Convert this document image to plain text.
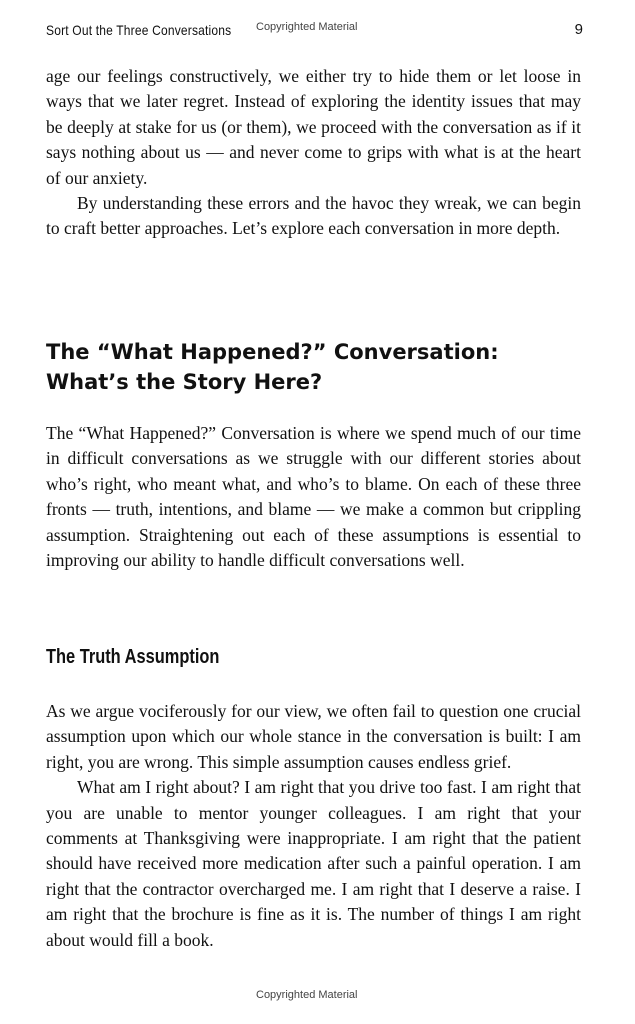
Sort Out the Three Conversations Copyrighted Material	9

age our feelings constructively, we either try to hide them or let loose in ways that we later regret. Instead of exploring the identity issues that may be deeply at stake for us (or them), we proceed with the conversation as if it says nothing about us — and never come to grips with what is at the heart of our anxiety.

By understanding these errors and the havoc they wreak, we can begin to craft better approaches. Let’s explore each conversation in more depth.

The “What Happened?” Conversation:
What’s the Story Here?

The “What Happened?” Conversation is where we spend much of our time in difficult conversations as we struggle with our different stories about who’s right, who meant what, and who’s to blame. On each of these three fronts — truth, intentions, and blame — we make a common but crippling assumption. Straightening out each of these assumptions is essential to improving our ability to handle difficult conversations well.

The Truth Assumption

As we argue vociferously for our view, we often fail to question one crucial assumption upon which our whole stance in the conversation is built: I am right, you are wrong. This simple assumption causes endless grief.

What am I right about? I am right that you drive too fast. I am right that you are unable to mentor younger colleagues. I am right that your comments at Thanksgiving were inappropriate. I am right that the patient should have received more medication after such a painful operation. I am right that the contractor overcharged me. I am right that I deserve a raise. I am right that the brochure is fine as it is. The number of things I am right about would fill a book.

Copyrighted Material
